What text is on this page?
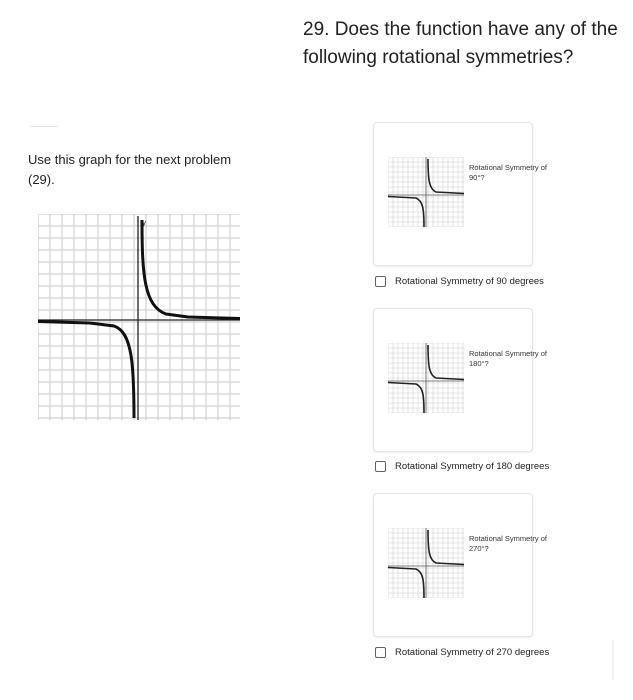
Use this graph for the next problem (29).
y
29. Does the function have any of the following rotational symmetries?
Rotational Symmetry of 90°?
Rotational Symmetry of 90 degrees
Rotational Symmetry of 180°?
Rotational Symmetry of 180 degrees
Rotational Symmetry of 270°?
Rotational Symmetry of 270 degrees
